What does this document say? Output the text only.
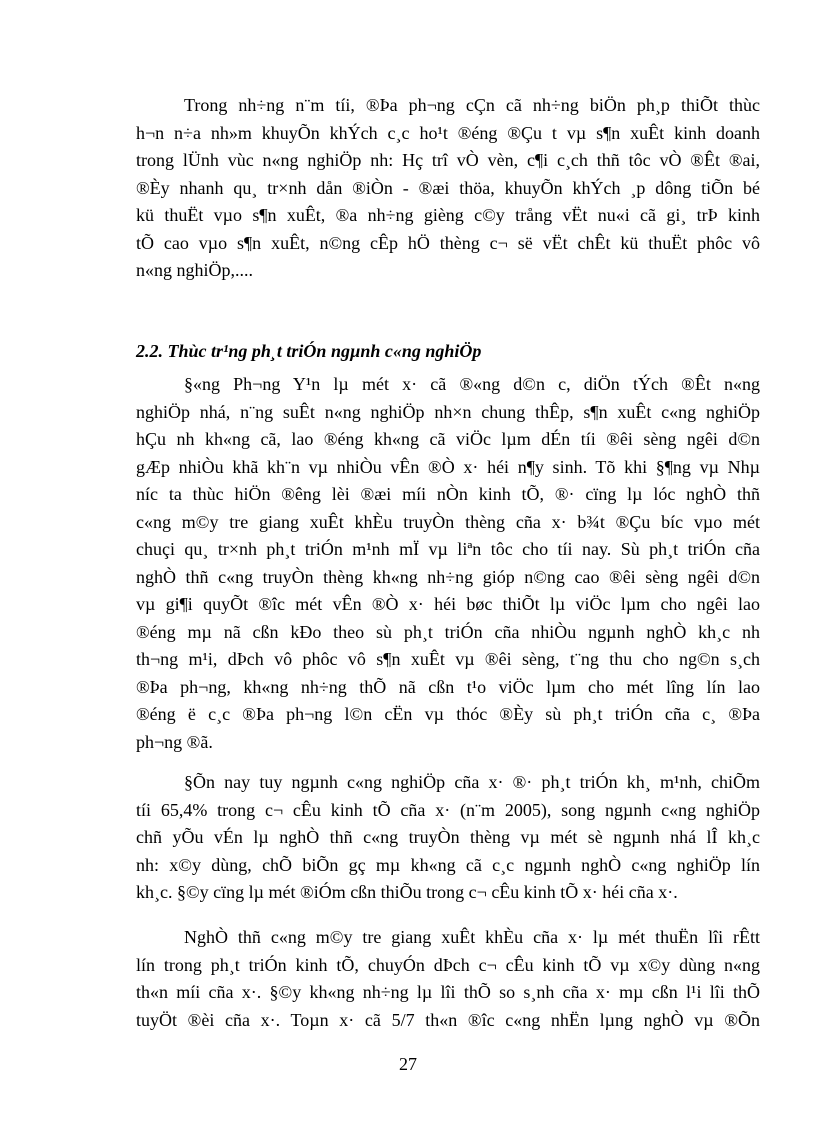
Trong nh÷ng n¨m tíi, ®Þa ph¬ng cÇn cã nh÷ng biÖn ph¸p thiÕt thùc
h¬n n÷a nh»m khuyÕn khÝch c¸c ho¹t ®éng ®Çu t vµ s¶n xuÊt kinh doanh
trong lÜnh vùc n«ng nghiÖp nh: Hç trî vÒ vèn, c¶i c¸ch thñ tôc vÒ ®Êt ®ai,
®Èy nhanh qu¸ tr×nh dån ®iÒn - ®æi thöa, khuyÕn khÝch ¸p dông tiÕn bé
kü thuËt vµo s¶n xuÊt, ®a nh÷ng gièng c©y trång vËt nu«i cã gi¸ trÞ kinh
tÕ cao vµo s¶n xuÊt, n©ng cÊp hÖ thèng c¬ së vËt chÊt kü thuËt phôc vô
n«ng nghiÖp,....
2.2. Thùc tr¹ng ph¸t triÓn ngµnh c«ng nghiÖp
§«ng Ph¬ng Y¹n lµ mét x· cã ®«ng d©n c, diÖn tÝch ®Êt n«ng
nghiÖp nhá, n¨ng suÊt n«ng nghiÖp nh×n chung thÊp, s¶n xuÊt c«ng nghiÖp
hÇu nh kh«ng cã, lao ®éng kh«ng cã viÖc lµm dÉn tíi ®êi sèng ngêi d©n
gÆp nhiÒu khã kh¨n vµ nhiÒu vÊn ®Ò x· héi n¶y sinh. Tõ khi §¶ng vµ Nhµ
níc ta thùc hiÖn ®êng lèi ®æi míi nÒn kinh tÕ, ®· cïng lµ lóc nghÒ thñ
c«ng m©y tre giang xuÊt khÈu truyÒn thèng cña x· b¾t ®Çu bíc vµo mét
chuçi qu¸ tr×nh ph¸t triÓn m¹nh mÏ vµ liªn tôc cho tíi nay. Sù ph¸t triÓn cña
nghÒ thñ c«ng truyÒn thèng kh«ng nh÷ng gióp n©ng cao ®êi sèng ngêi d©n
vµ gi¶i quyÕt ®îc mét vÊn ®Ò x· héi bøc thiÕt lµ viÖc lµm cho ngêi lao
®éng mµ nã cßn kÐo theo sù ph¸t triÓn cña nhiÒu ngµnh nghÒ kh¸c nh
th¬ng m¹i, dÞch vô phôc vô s¶n xuÊt vµ ®êi sèng, t¨ng thu cho ng©n s¸ch
®Þa ph¬ng, kh«ng nh÷ng thÕ nã cßn t¹o viÖc lµm cho mét lîng lín lao
®éng ë c¸c ®Þa ph¬ng l©n cËn vµ thóc ®Èy sù ph¸t triÓn cña c¸ ®Þa
ph¬ng ®ã.
§Õn nay tuy ngµnh c«ng nghiÖp cña x· ®· ph¸t triÓn kh¸ m¹nh, chiÕm
tíi 65,4% trong c¬ cÊu kinh tÕ cña x· (n¨m 2005), song ngµnh c«ng nghiÖp
chñ yÕu vÉn lµ nghÒ thñ c«ng truyÒn thèng vµ mét sè ngµnh nhá lÎ kh¸c
nh: x©y dùng, chÕ biÕn gç mµ kh«ng cã c¸c ngµnh nghÒ c«ng nghiÖp lín
kh¸c. §©y cïng lµ mét ®iÓm cßn thiÕu trong c¬ cÊu kinh tÕ x· héi cña x·.
NghÒ thñ c«ng m©y tre giang xuÊt khÈu cña x· lµ mét thuËn lîi rÊtt
lín trong ph¸t triÓn kinh tÕ, chuyÓn dÞch c¬ cÊu kinh tÕ vµ x©y dùng n«ng
th«n míi cña x·. §©y kh«ng nh÷ng lµ lîi thÕ so s¸nh cña x· mµ cßn l¹i lîi thÕ
tuyÖt ®èi cña x·. Toµn x· cã 5/7 th«n ®îc c«ng nhËn lµng nghÒ vµ ®Õn
27
